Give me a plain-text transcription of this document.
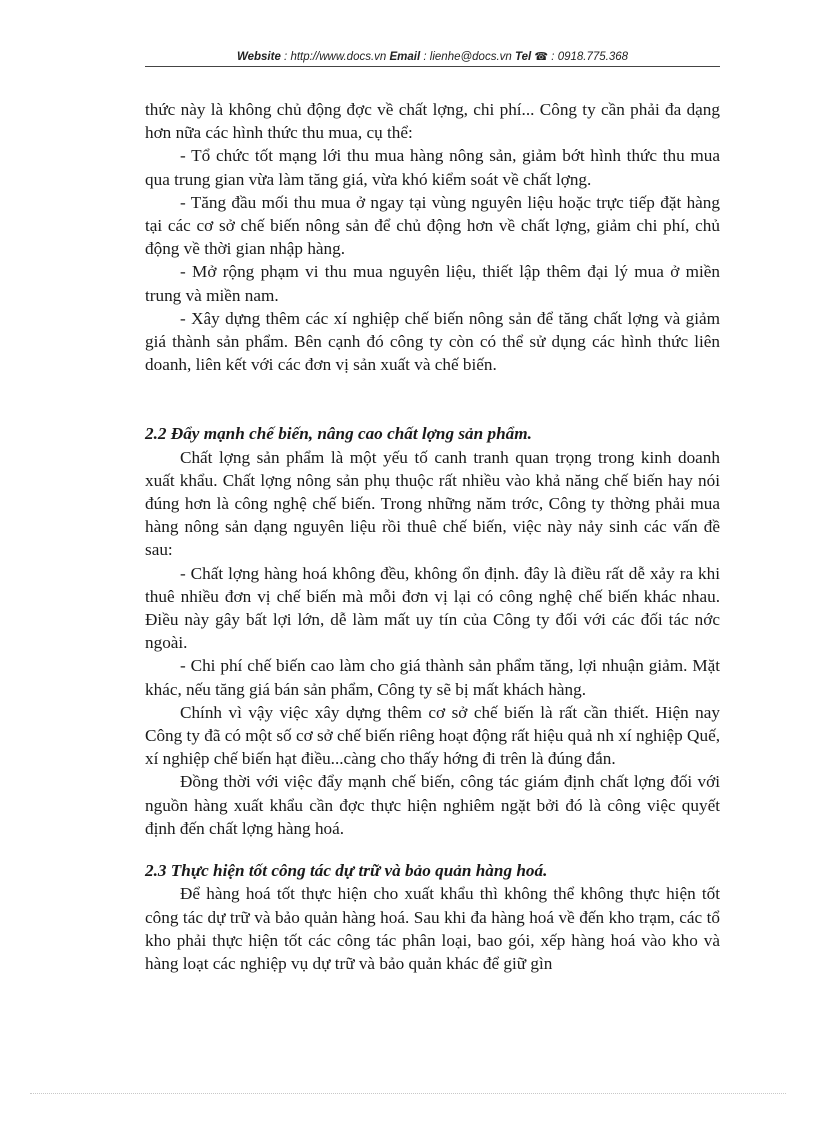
Website : http://www.docs.vn Email : lienhe@docs.vn Tel ☎ : 0918.775.368

thức này là không chủ động đợc về chất lợng, chi phí... Công ty cần phải đa dạng hơn nữa các hình thức thu mua, cụ thể:

- Tổ chức tốt mạng lới thu mua hàng nông sản, giảm bớt hình thức thu mua qua trung gian vừa làm tăng giá, vừa khó kiểm soát về chất lợng.

- Tăng đầu mối thu mua ở ngay tại vùng nguyên liệu hoặc trực tiếp đặt hàng tại các cơ sở chế biến nông sản để chủ động hơn về chất lợng, giảm chi phí, chủ động về thời gian nhập hàng.

- Mở rộng phạm vi thu mua nguyên liệu, thiết lập thêm đại lý mua ở miền trung và miền nam.

- Xây dựng thêm các xí nghiệp chế biến nông sản để tăng chất lợng và giảm giá thành sản phẩm. Bên cạnh đó công ty còn có thể sử dụng các hình thức liên doanh, liên kết với các đơn vị sản xuất và chế biến.

2.2 Đẩy mạnh chế biến, nâng cao chất lợng sản phẩm.

Chất lợng sản phẩm là một yếu tố canh tranh quan trọng trong kinh doanh xuất khẩu. Chất lợng nông sản phụ thuộc rất nhiều vào khả năng chế biến hay nói đúng hơn là công nghệ chế biến. Trong những năm trớc, Công ty thờng phải mua hàng nông sản dạng nguyên liệu rồi thuê chế biến, việc này nảy sinh các vấn đề sau:

- Chất lợng hàng hoá không đều, không ổn định. đây là điều rất dễ xảy ra khi thuê nhiều đơn vị chế biến mà mỗi đơn vị lại có công nghệ chế biến khác nhau. Điều này gây bất lợi lớn, dễ làm mất uy tín của Công ty đối với các đối tác nớc ngoài.

- Chi phí chế biến cao làm cho giá thành sản phẩm tăng, lợi nhuận giảm. Mặt khác, nếu tăng giá bán sản phẩm, Công ty sẽ bị mất khách hàng.

Chính vì vậy việc xây dựng thêm cơ sở chế biến là rất cần thiết. Hiện nay Công ty đã có một số cơ sở chế biến riêng hoạt động rất hiệu quả nh xí nghiệp Quế, xí nghiệp chế biến hạt điều...càng cho thấy hớng đi trên là đúng đắn.

Đồng thời với việc đẩy mạnh chế biến, công tác giám định chất lợng đối với nguồn hàng xuất khẩu cần đợc thực hiện nghiêm ngặt bởi đó là công việc quyết định đến chất lợng hàng hoá.

2.3 Thực hiện tốt công tác dự trữ và bảo quản hàng hoá.

Để hàng hoá tốt thực hiện cho xuất khẩu thì không thể không thực hiện tốt công tác dự trữ và bảo quản hàng hoá. Sau khi đa hàng hoá về đến kho trạm, các tổ kho phải thực hiện tốt các công tác phân loại, bao gói, xếp hàng hoá vào kho và hàng loạt các nghiệp vụ dự trữ và bảo quản khác để giữ gìn
